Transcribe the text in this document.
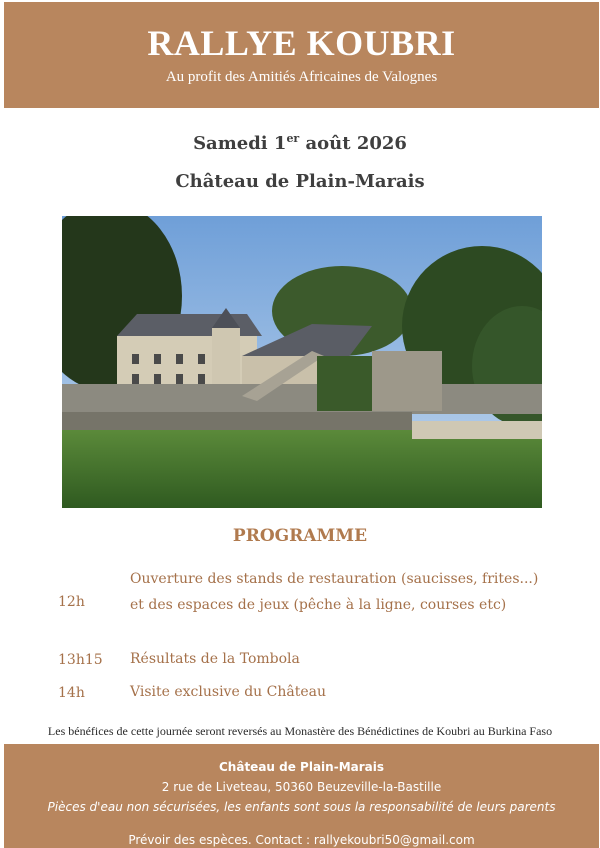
RALLYE KOUBRI
Au profit des Amitiés Africaines de Valognes
Samedi 1er août 2026
Château de Plain-Marais
PROGRAMME
12h
Ouverture des stands de restauration (saucisses, frites...) et des espaces de jeux (pêche à la ligne, courses etc)
13h15 Résultats de la Tombola
14h	Visite exclusive du Château
Les bénéfices de cette journée seront reversés au Monastère des Bénédictines de Koubri au Burkina Faso
Château de Plain-Marais
2 rue de Liveteau, 50360 Beuzeville-la-Bastille
Pièces d'eau non sécurisées, les enfants sont sous la responsabilité de leurs parents
Prévoir des espèces. Contact : rallyekoubri50@gmail.com
